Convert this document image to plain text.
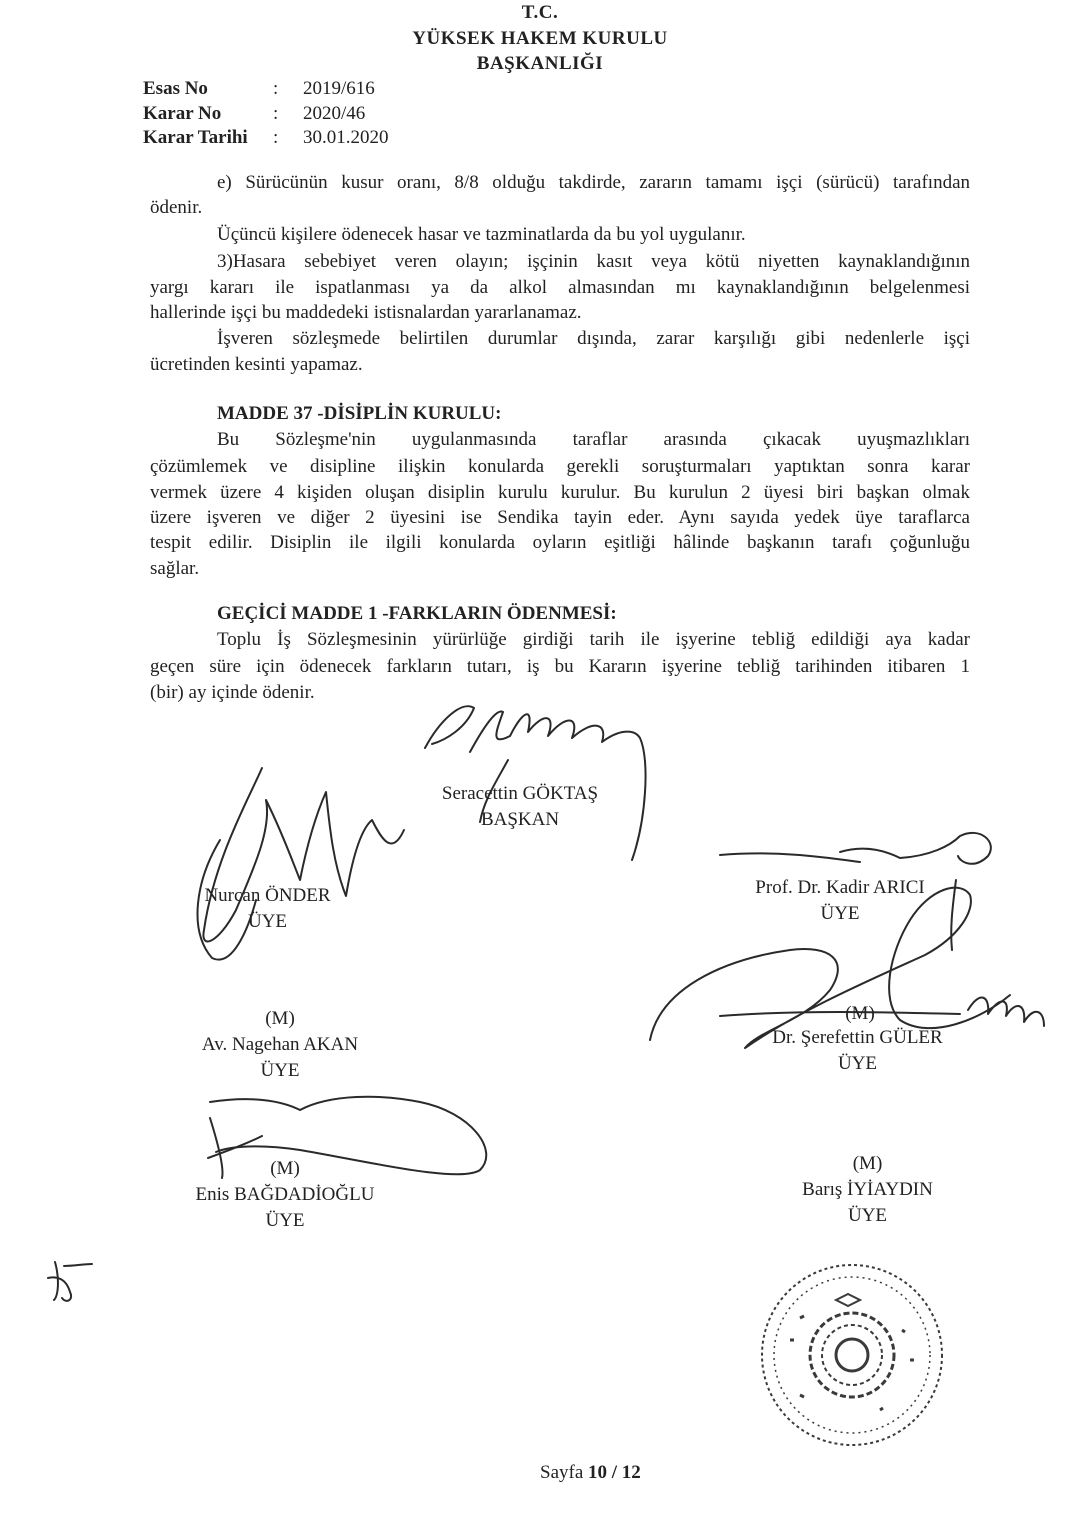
T.C.
YÜKSEK HAKEM KURULU
BAŞKANLIĞI
Esas No	: 2019/616
Karar No	: 2020/46
Karar Tarihi : 30.01.2020
e) Sürücünün kusur oranı, 8/8 olduğu takdirde, zararın tamamı işçi (sürücü) tarafından
ödenir.
Üçüncü kişilere ödenecek hasar ve tazminatlarda da bu yol uygulanır.
3)Hasara sebebiyet veren olayın; işçinin kasıt veya kötü niyetten kaynaklandığının
yargı kararı ile ispatlanması ya da alkol almasından mı kaynaklandığının belgelenmesi
hallerinde işçi bu maddedeki istisnalardan yararlanamaz.
İşveren sözleşmede belirtilen durumlar dışında, zarar karşılığı gibi nedenlerle işçi
ücretinden kesinti yapamaz.
MADDE 37 -DİSİPLİN KURULU:
Bu Sözleşme'nin uygulanmasında taraflar arasında çıkacak uyuşmazlıkları
çözümlemek ve disipline ilişkin konularda gerekli soruşturmaları yaptıktan sonra karar
vermek üzere 4 kişiden oluşan disiplin kurulu kurulur. Bu kurulun 2 üyesi biri başkan olmak
üzere işveren ve diğer 2 üyesini ise Sendika tayin eder. Aynı sayıda yedek üye taraflarca
tespit edilir. Disiplin ile ilgili konularda oyların eşitliği hâlinde başkanın tarafı çoğunluğu
sağlar.
GEÇİCİ MADDE 1 -FARKLARIN ÖDENMESİ:
Toplu İş Sözleşmesinin yürürlüğe girdiği tarih ile işyerine tebliğ edildiği aya kadar
geçen süre için ödenecek farkların tutarı, iş bu Kararın işyerine tebliğ tarihinden itibaren 1
(bir) ay içinde ödenir.
Seracettin GÖKTAŞ
BAŞKAN
Nurcan ÖNDER
ÜYE
Prof. Dr. Kadir ARICI
ÜYE
(M)
Av. Nagehan AKAN
ÜYE
Dr. Şerefettin GÜLER
ÜYE
(M)
(M)
Enis BAĞDADİOĞLU
ÜYE
(M)
Barış İYİAYDIN
ÜYE
Sayfa 10 / 12
